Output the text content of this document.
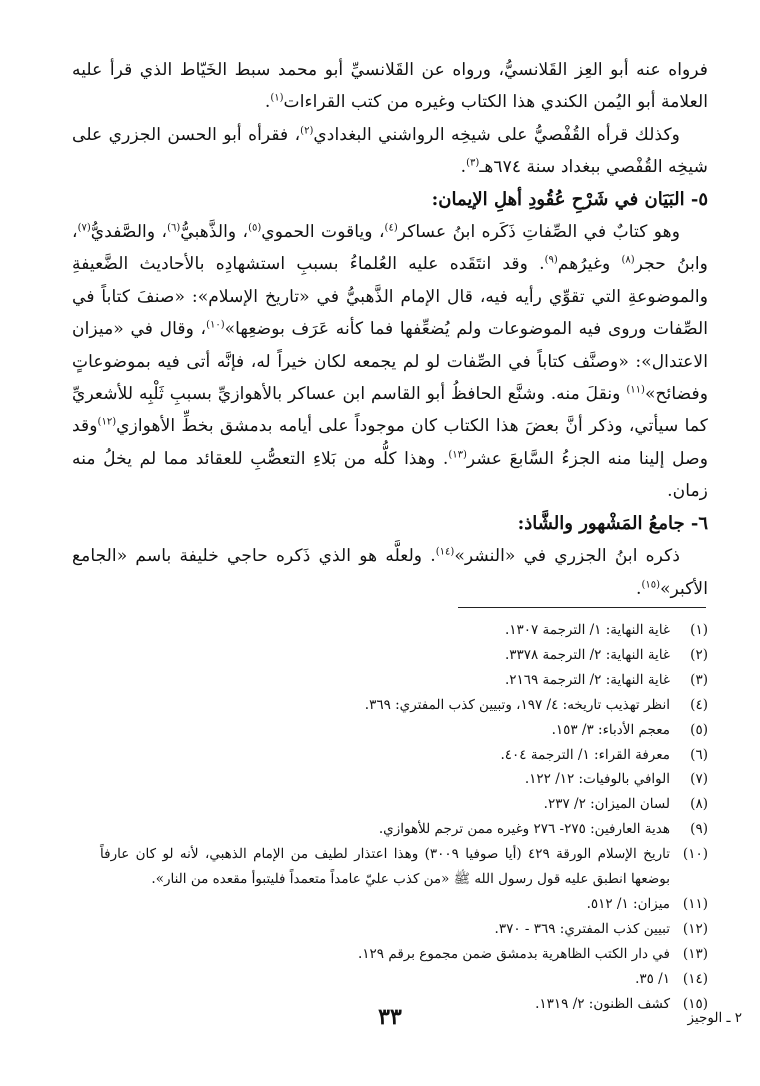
فرواه عنه أبو العِز القَلانسيُّ، ورواه عن القَلانسيِّ أبو محمد سبط الخَيّاط الذي قرأ عليه العلامة أبو اليُمن الكندي هذا الكتاب وغيره من كتب القراءات$^{(١)}$.

وكذلك قرأه القُفْصيُّ على شيخِه الرواشني البغدادي$^{(٢)}$، فقرأه أبو الحسن الجزري على شيخِه القُفْصي ببغداد سنة ٦٧٤هـ$^{(٣)}$.

٥- البَيَان في شَرْحِ عُقُودِ أهلِ الإيمان:

وهو كتابٌ في الصِّفاتِ ذَكَره ابنُ عساكر$^{(٤)}$، وياقوت الحموي$^{(٥)}$، والذَّهبيُّ$^{(٦)}$، والصَّفديُّ$^{(٧)}$، وابنُ حجر$^{(٨)}$ وغيرُهم$^{(٩)}$. وقد انتَقَده عليه العُلماءُ بسببِ استشهادِه بالأحاديث الضَّعيفةِ والموضوعةِ التي تقوِّي رأيه فيه، قال الإمام الذَّهبيُّ في «تاريخ الإسلام»: «صنفَ كتاباً في الصِّفات وروى فيه الموضوعات ولم يُضعِّفها فما كأنه عَرَف بوضعِها»$^{(١٠)}$، وقال في «ميزان الاعتدال»: «وصنَّف كتاباً في الصِّفات لو لم يجمعه لكان خيراً له، فإنَّه أتى فيه بموضوعاتٍ وفضائح»$^{(١١)}$ ونقلَ منه. وشنَّع الحافظُ أبو القاسم ابن عساكر بالأهوازيِّ بسببِ ثَلْبِه للأشعريِّ كما سيأتي، وذكر أنَّ بعضَ هذا الكتاب كان موجوداً على أيامه بدمشق بخطِّ الأهوازي$^{(١٢)}$وقد وصل إلينا منه الجزءُ السَّابعَ عشر$^{(١٣)}$. وهذا كلُّه من بَلاءِ التعصُّبِ للعقائد مما لم يخلُ منه زمان.

٦- جامعُ المَشْهور والشَّاذ:

ذكره ابنُ الجزري في «النشر»$^{(١٤)}$. ولعلَّه هو الذي ذَكره حاجي خليفة باسم «الجامع الأكبر»$^{(١٥)}$.

(١)
غاية النهاية: ١/ الترجمة ١٣٠٧.
(٢)
غاية النهاية: ٢/ الترجمة ٣٣٧٨.
(٣)
غاية النهاية: ٢/ الترجمة ٢١٦٩.
(٤)
انظر تهذيب تاريخه: ٤/ ١٩٧، وتبيين كذب المفتري: ٣٦٩.
(٥)
معجم الأدباء: ٣/ ١٥٣.
(٦)
معرفة القراء: ١/ الترجمة ٤٠٤.
(٧)
الوافي بالوفيات: ١٢/ ١٢٢.
(٨)
لسان الميزان: ٢/ ٢٣٧.
(٩)
هدية العارفين: ٢٧٥- ٢٧٦ وغيره ممن ترجم للأهوازي.
(١٠)
تاريخ الإسلام الورقة ٤٢٩ (أيا صوفيا ٣٠٠٩) وهذا اعتذار لطيف من الإمام الذهبي، لأنه لو كان عارفاً بوضعها انطبق عليه قول رسول الله ﷺ «من كذب عليّ عامداً متعمداً فليتبوأ مقعده من النار».
(١١)
ميزان: ١/ ٥١٢.
(١٢)
تبيين كذب المفتري: ٣٦٩ - ٣٧٠.
(١٣)
في دار الكتب الظاهرية بدمشق ضمن مجموع برقم ١٢٩.
(١٤)
١/ ٣٥.
(١٥)
كشف الظنون: ٢/ ١٣١٩.
٣٣	٢ ـ الوجيز
